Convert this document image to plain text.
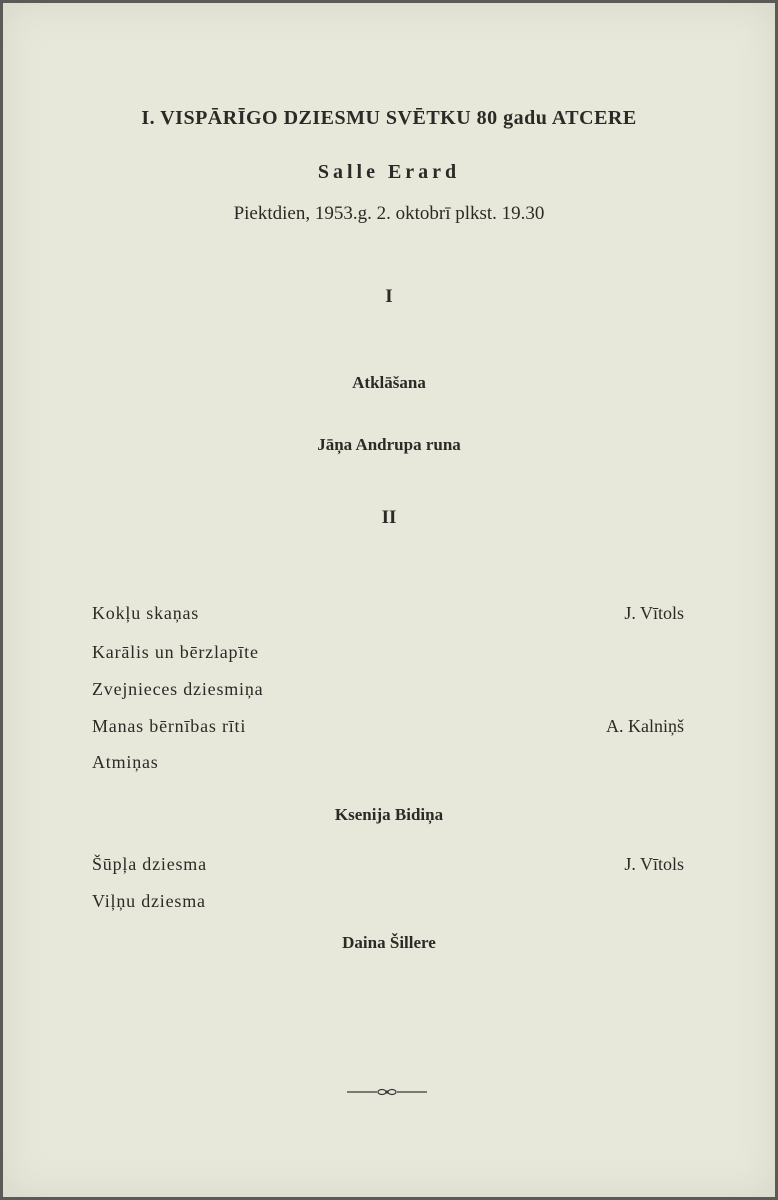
I. VISPĀRĪGO DZIESMU SVĒTKU 80 gadu ATCERE
Salle Erard
Piektdien, 1953.g. 2. oktobrī plkst. 19.30
I
Atklāšana
Jāņa Andrupa runa
II
Kokļu skaņas	J. Vītols
Karālis un bērzlapīte
Zvejnieces dziesmiņa
Manas bērnības rīti	A. Kalniņš
Atmiņas
Ksenija Bidiņa
Šūpļa dziesma	J. Vītols
Viļņu dziesma
Daina Šillere
